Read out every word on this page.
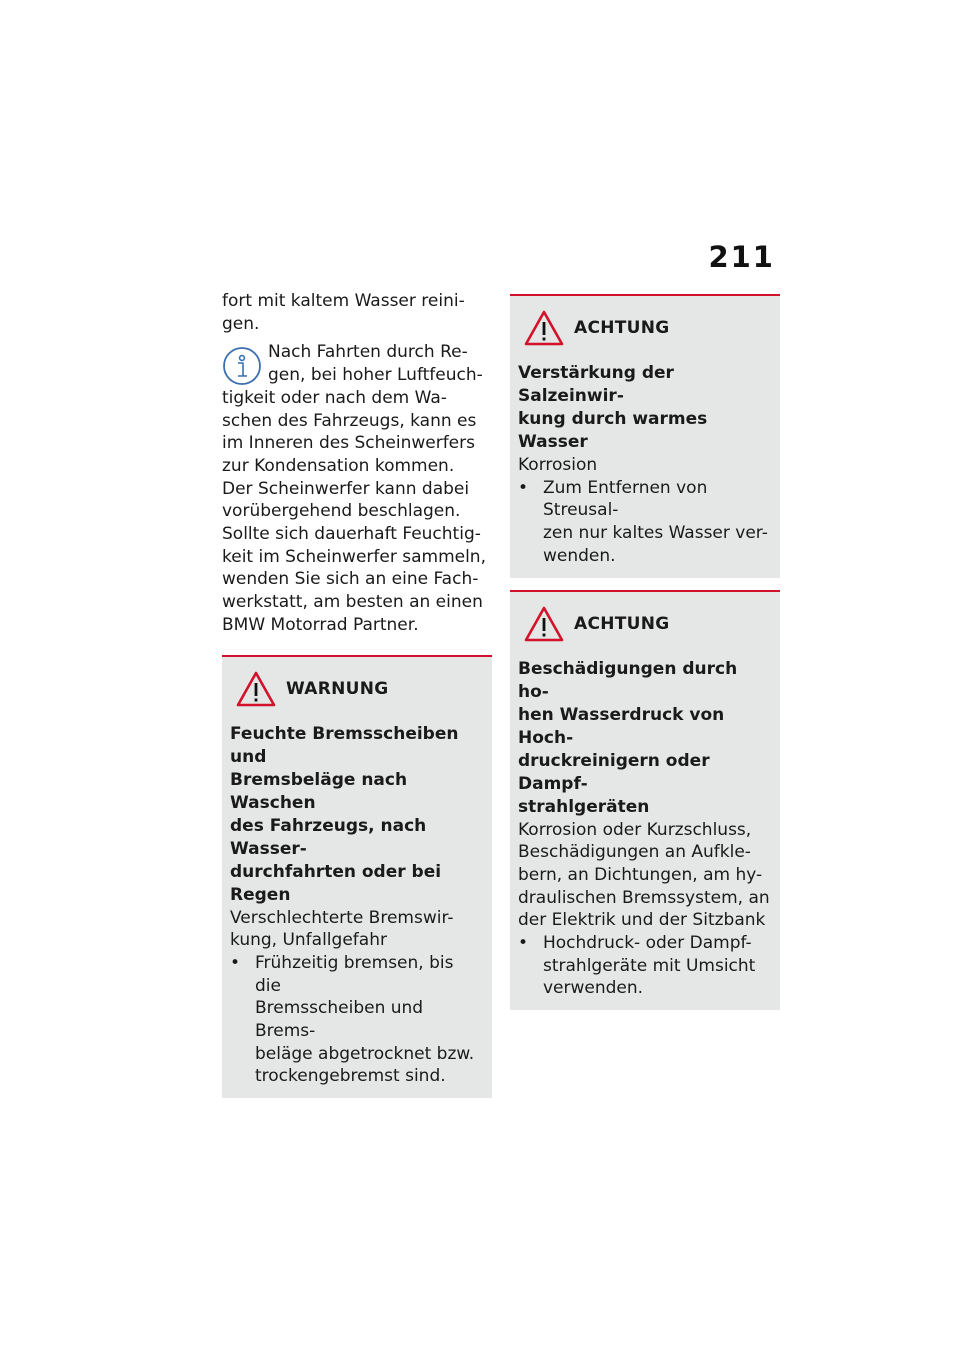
211
fort mit kaltem Wasser reini-
gen.
Nach Fahrten durch Re-
gen, bei hoher Luftfeuch-
tigkeit oder nach dem Wa-
schen des Fahrzeugs, kann es
im Inneren des Scheinwerfers
zur Kondensation kommen.
Der Scheinwerfer kann dabei
vorübergehend beschlagen.
Sollte sich dauerhaft Feuchtig-
keit im Scheinwerfer sammeln,
wenden Sie sich an eine Fach-
werkstatt, am besten an einen
BMW Motorrad Partner.
WARNUNG
Feuchte Bremsscheiben und
Bremsbeläge nach Waschen
des Fahrzeugs, nach Wasser-
durchfahrten oder bei Regen
Verschlechterte Bremswir-
kung, Unfallgefahr
• Frühzeitig bremsen, bis die
Bremsscheiben und Brems-
beläge abgetrocknet bzw.
trockengebremst sind.
ACHTUNG
Verstärkung der Salzeinwir-
kung durch warmes Wasser
Korrosion
• Zum Entfernen von Streusal-
zen nur kaltes Wasser ver-
wenden.
ACHTUNG
Beschädigungen durch ho-
hen Wasserdruck von Hoch-
druckreinigern oder Dampf-
strahlgeräten
Korrosion oder Kurzschluss,
Beschädigungen an Aufkle-
bern, an Dichtungen, am hy-
draulischen Bremssystem, an
der Elektrik und der Sitzbank
• Hochdruck- oder Dampf-
strahlgeräte mit Umsicht
verwenden.
